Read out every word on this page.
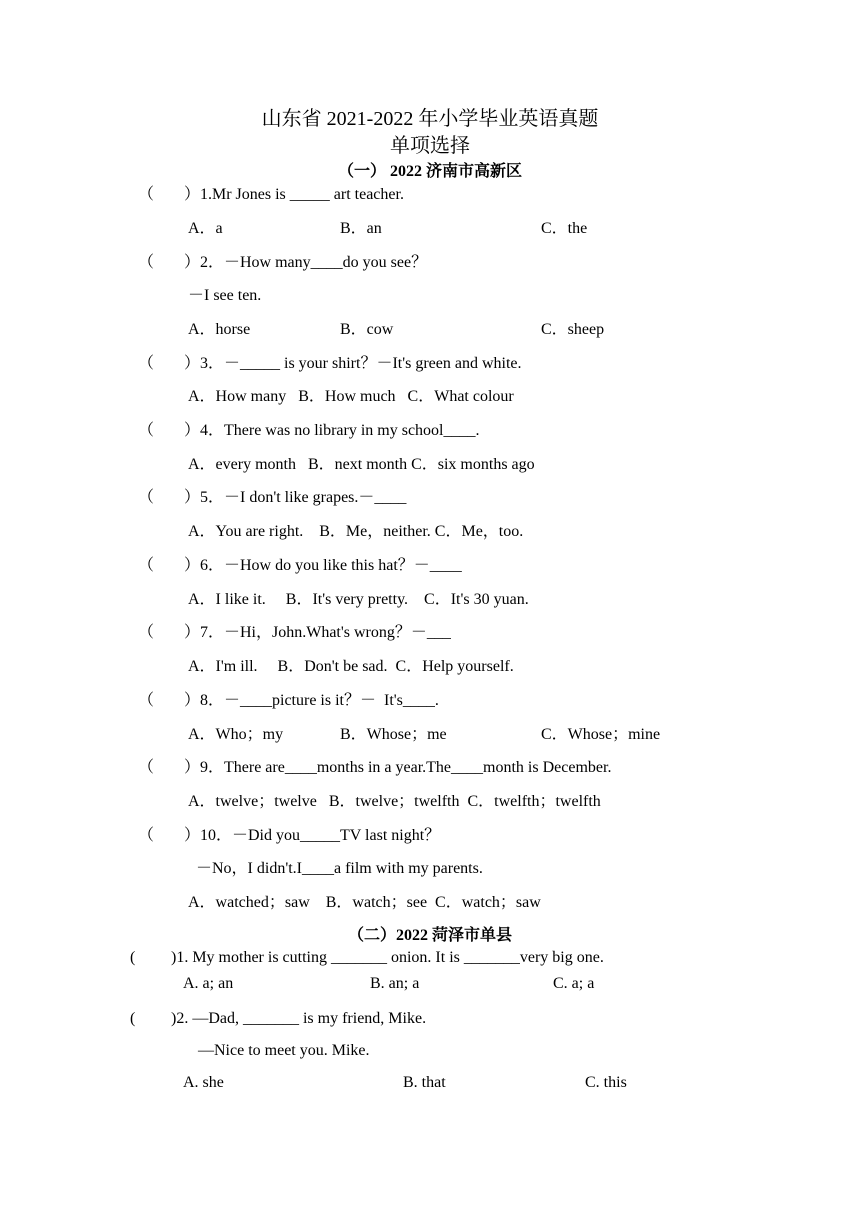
山东省 2021-2022 年小学毕业英语真题
单项选择
（一） 2022 济南市高新区
（ ）1.Mr Jones is _____ art teacher.
A．a	B．an	C．the
（ ）2．－How many____do you see？
－I see ten.
A．horse	B．cow	C．sheep
（ ）3．－_____ is your shirt？－It's green and white.
A．How many   B．How much   C．What colour
（ ）4．There was no library in my school____.
A．every month   B．next month C．six months ago
（ ）5．－I don't like grapes.－____
A．You are right.    B．Me，neither. C．Me，too.
（ ）6．－How do you like this hat？－____
A．I like it.     B．It's very pretty.    C．It's 30 yuan.
（ ）7．－Hi，John.What's wrong？－___
A．I'm ill.     B．Don't be sad.  C．Help yourself.
（ ）8．－____picture is it？－  It's____.
A．Who；my	B．Whose；me	C．Whose；mine
（ ）9．There are____months in a year.The____month is December.
A．twelve；twelve   B．twelve；twelfth  C．twelfth；twelfth
（ ）10．－Did you_____TV last night？
－No，I didn't.I____a film with my parents.
A．watched；saw    B．watch；see  C．watch；saw
（二）2022 菏泽市单县
( )1. My mother is cutting _______ onion. It is _______very big one.
A. a; an	B. an; a	C. a; a
( )2. —Dad, _______ is my friend, Mike.
—Nice to meet you. Mike.
A. she	B. that	C. this
